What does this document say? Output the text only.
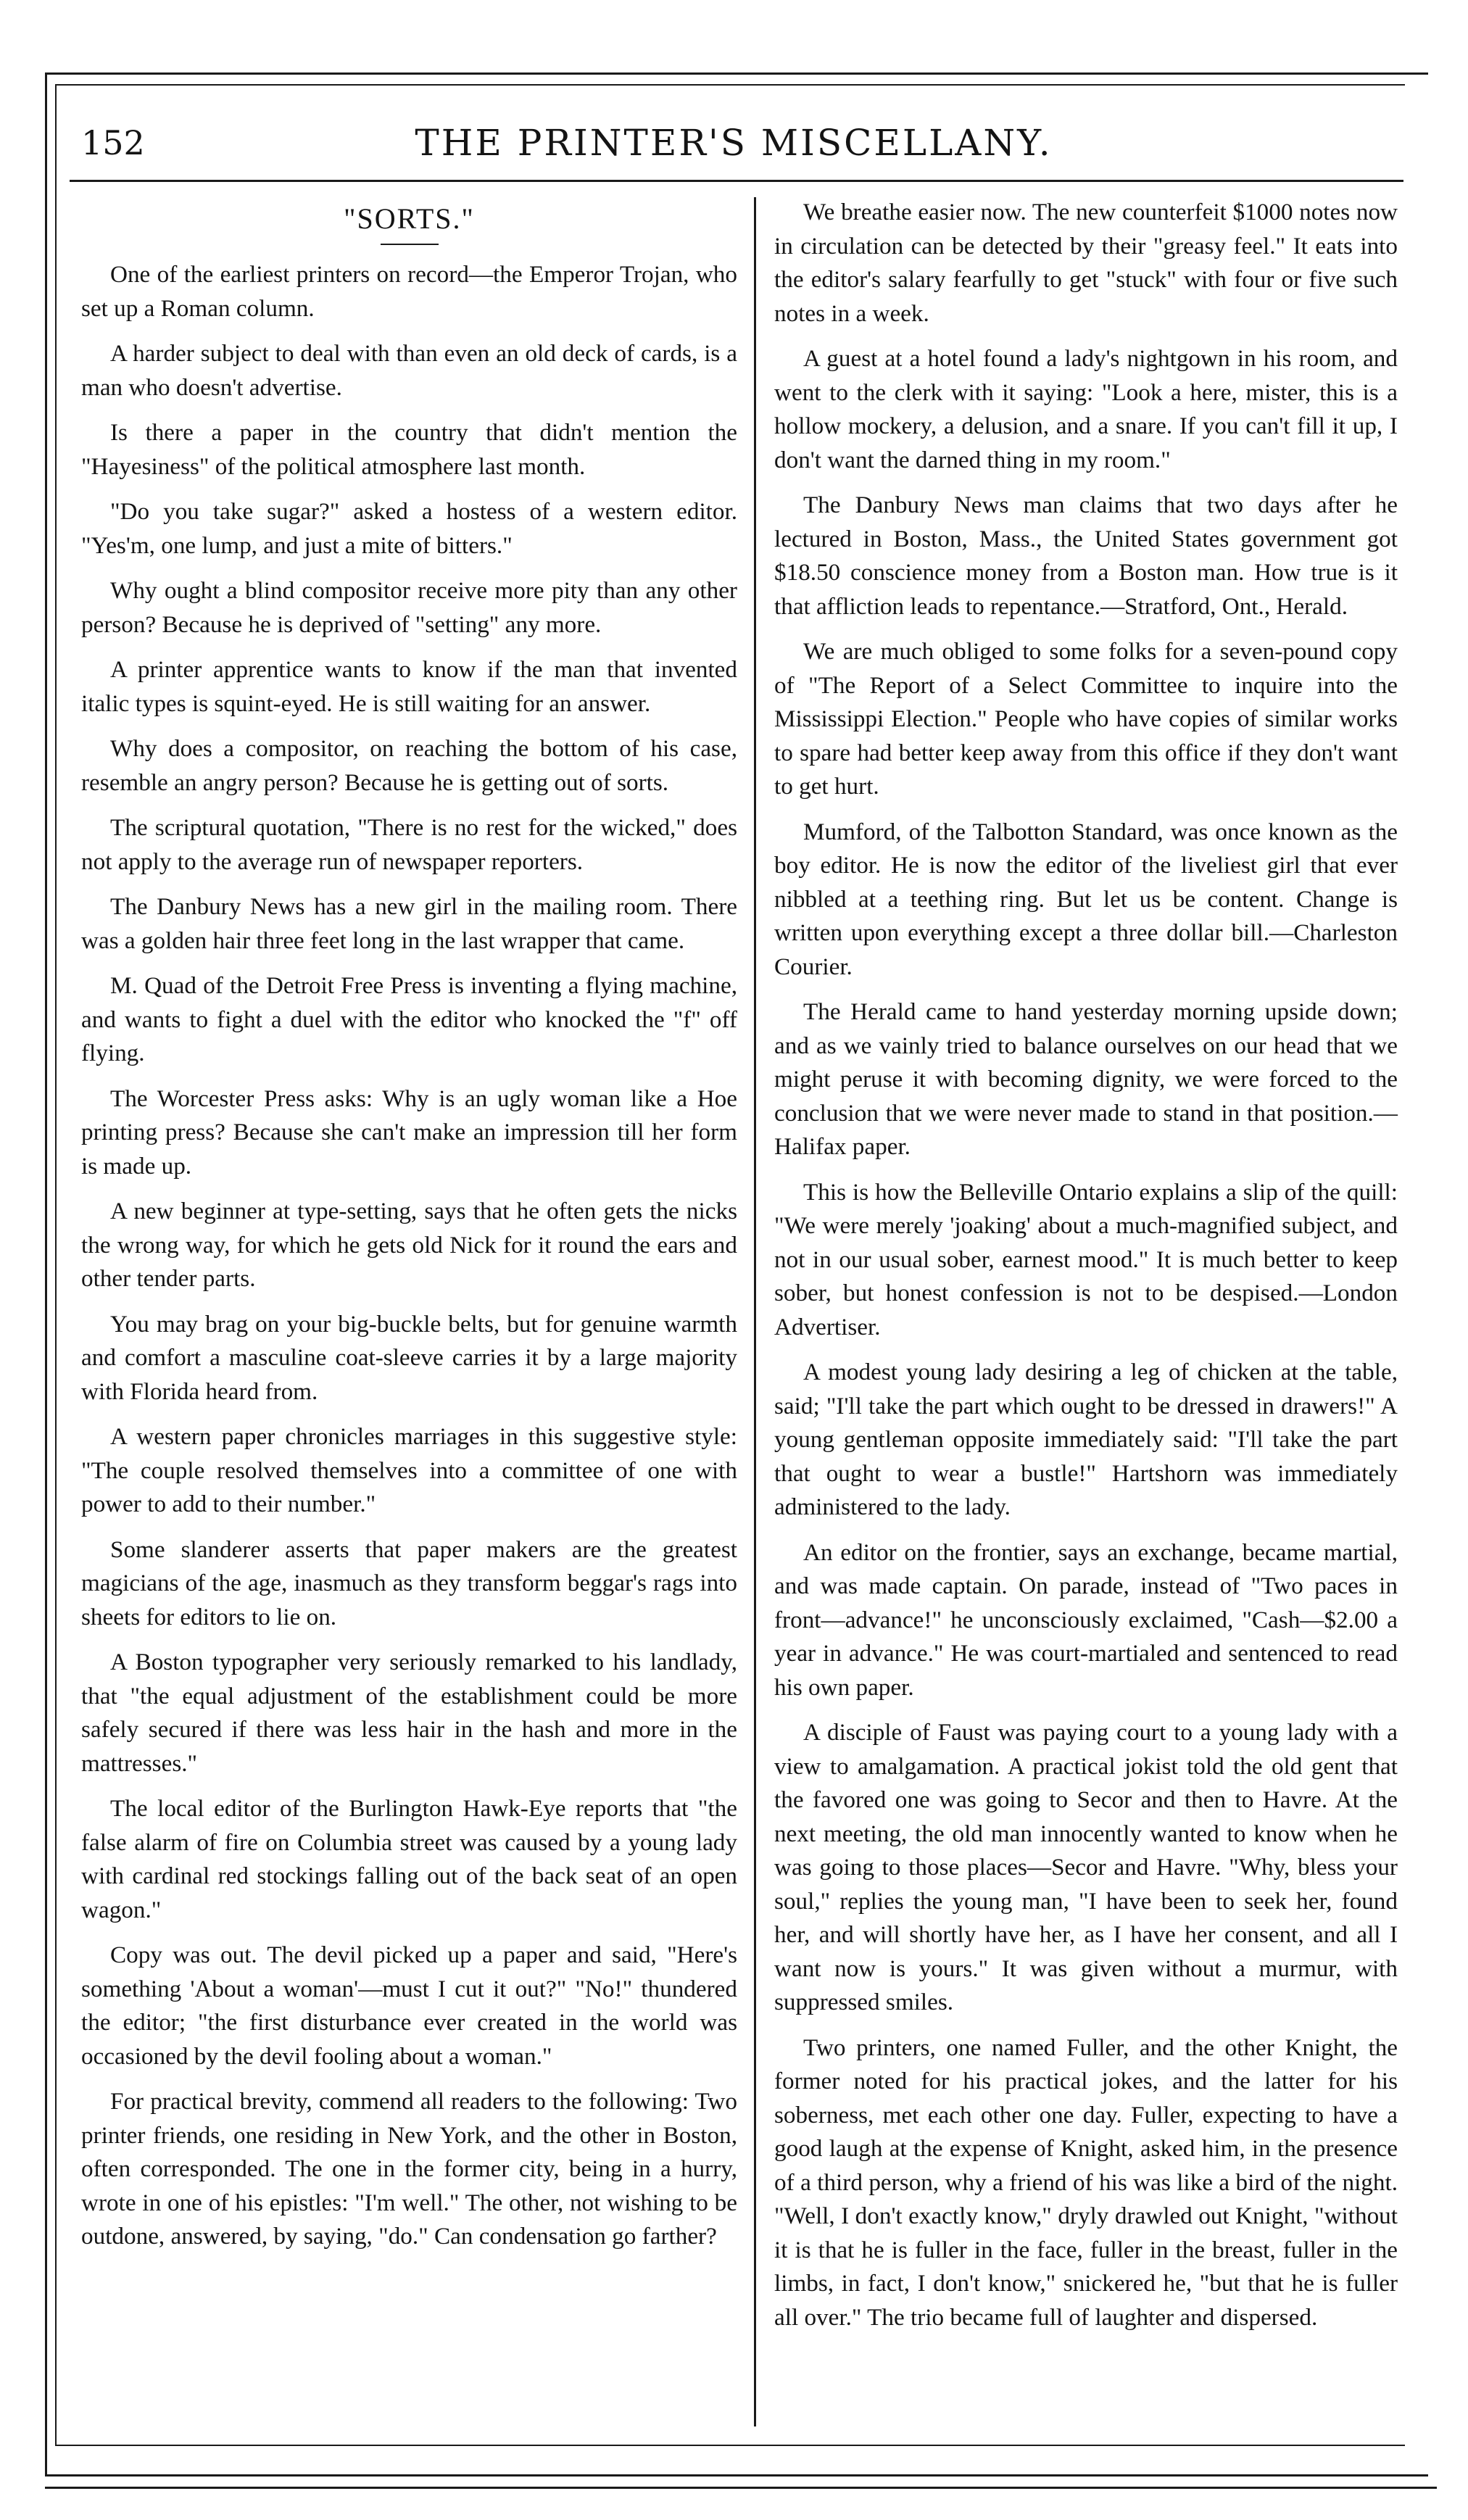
152	THE PRINTER'S MISCELLANY.
"SORTS."

One of the earliest printers on record—the Emperor Trojan, who set up a Roman column.

A harder subject to deal with than even an old deck of cards, is a man who doesn't advertise.

Is there a paper in the country that didn't mention the "Hayesiness" of the political atmosphere last month.

"Do you take sugar?" asked a hostess of a western editor. "Yes'm, one lump, and just a mite of bitters."

Why ought a blind compositor receive more pity than any other person? Because he is deprived of "setting" any more.

A printer apprentice wants to know if the man that invented italic types is squint-eyed. He is still waiting for an answer.

Why does a compositor, on reaching the bottom of his case, resemble an angry person? Because he is getting out of sorts.

The scriptural quotation, "There is no rest for the wicked," does not apply to the average run of newspaper reporters.

The Danbury News has a new girl in the mailing room. There was a golden hair three feet long in the last wrapper that came.

M. Quad of the Detroit Free Press is inventing a flying machine, and wants to fight a duel with the editor who knocked the "f" off flying.

The Worcester Press asks: Why is an ugly woman like a Hoe printing press? Because she can't make an impression till her form is made up.

A new beginner at type-setting, says that he often gets the nicks the wrong way, for which he gets old Nick for it round the ears and other tender parts.

You may brag on your big-buckle belts, but for genuine warmth and comfort a masculine coat-sleeve carries it by a large majority with Florida heard from.

A western paper chronicles marriages in this suggestive style: "The couple resolved themselves into a committee of one with power to add to their number."

Some slanderer asserts that paper makers are the greatest magicians of the age, inasmuch as they transform beggar's rags into sheets for editors to lie on.

A Boston typographer very seriously remarked to his landlady, that "the equal adjustment of the establishment could be more safely secured if there was less hair in the hash and more in the mattresses."

The local editor of the Burlington Hawk-Eye reports that "the false alarm of fire on Columbia street was caused by a young lady with cardinal red stockings falling out of the back seat of an open wagon."

Copy was out. The devil picked up a paper and said, "Here's something 'About a woman'—must I cut it out?" "No!" thundered the editor; "the first disturbance ever created in the world was occasioned by the devil fooling about a woman."

For practical brevity, commend all readers to the following: Two printer friends, one residing in New York, and the other in Boston, often corresponded. The one in the former city, being in a hurry, wrote in one of his epistles: "I'm well." The other, not wishing to be outdone, answered, by saying, "do." Can condensation go farther?

We breathe easier now. The new counterfeit $1000 notes now in circulation can be detected by their "greasy feel." It eats into the editor's salary fearfully to get "stuck" with four or five such notes in a week.

A guest at a hotel found a lady's nightgown in his room, and went to the clerk with it saying: "Look a here, mister, this is a hollow mockery, a delusion, and a snare. If you can't fill it up, I don't want the darned thing in my room."

The Danbury News man claims that two days after he lectured in Boston, Mass., the United States government got $18.50 conscience money from a Boston man. How true is it that affliction leads to repentance.—Stratford, Ont., Herald.

We are much obliged to some folks for a seven-pound copy of "The Report of a Select Committee to inquire into the Mississippi Election." People who have copies of similar works to spare had better keep away from this office if they don't want to get hurt.

Mumford, of the Talbotton Standard, was once known as the boy editor. He is now the editor of the liveliest girl that ever nibbled at a teething ring. But let us be content. Change is written upon everything except a three dollar bill.—Charleston Courier.

The Herald came to hand yesterday morning upside down; and as we vainly tried to balance ourselves on our head that we might peruse it with becoming dignity, we were forced to the conclusion that we were never made to stand in that position.—Halifax paper.

This is how the Belleville Ontario explains a slip of the quill: "We were merely 'joaking' about a much-magnified subject, and not in our usual sober, earnest mood." It is much better to keep sober, but honest confession is not to be despised.—London Advertiser.

A modest young lady desiring a leg of chicken at the table, said; "I'll take the part which ought to be dressed in drawers!" A young gentleman opposite immediately said: "I'll take the part that ought to wear a bustle!" Hartshorn was immediately administered to the lady.

An editor on the frontier, says an exchange, became martial, and was made captain. On parade, instead of "Two paces in front—advance!" he unconsciously exclaimed, "Cash—$2.00 a year in advance." He was court-martialed and sentenced to read his own paper.

A disciple of Faust was paying court to a young lady with a view to amalgamation. A practical jokist told the old gent that the favored one was going to Secor and then to Havre. At the next meeting, the old man innocently wanted to know when he was going to those places—Secor and Havre. "Why, bless your soul," replies the young man, "I have been to seek her, found her, and will shortly have her, as I have her consent, and all I want now is yours." It was given without a murmur, with suppressed smiles.

Two printers, one named Fuller, and the other Knight, the former noted for his practical jokes, and the latter for his soberness, met each other one day. Fuller, expecting to have a good laugh at the expense of Knight, asked him, in the presence of a third person, why a friend of his was like a bird of the night. "Well, I don't exactly know," dryly drawled out Knight, "without it is that he is fuller in the face, fuller in the breast, fuller in the limbs, in fact, I don't know," snickered he, "but that he is fuller all over." The trio became full of laughter and dispersed.
